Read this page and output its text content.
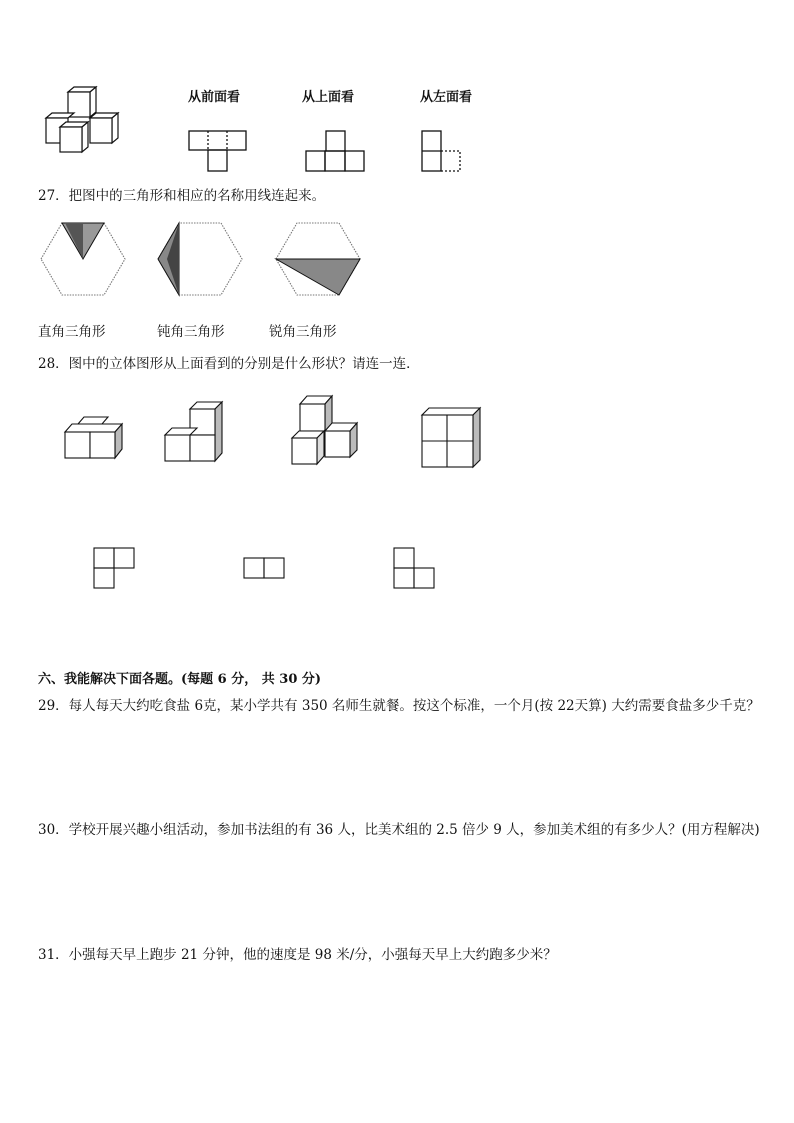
从前面看	从上面看	从左面看
27．把图中的三角形和相应的名称用线连起来。
直角三角形	钝角三角形	锐角三角形
28．图中的立体图形从上面看到的分别是什么形状？请连一连．
六、我能解决下面各题。(每题 6 分， 共 30 分)
29．每人每天大约吃食盐 6克，某小学共有 350 名师生就餐。按这个标准，一个月(按 22天算) 大约需要食盐多少千克？
30．学校开展兴趣小组活动，参加书法组的有 36 人，比美术组的 2.5 倍少 9 人，参加美术组的有多少人？(用方程解决)
31．小强每天早上跑步 21 分钟，他的速度是 98 米/分，小强每天早上大约跑多少米？
